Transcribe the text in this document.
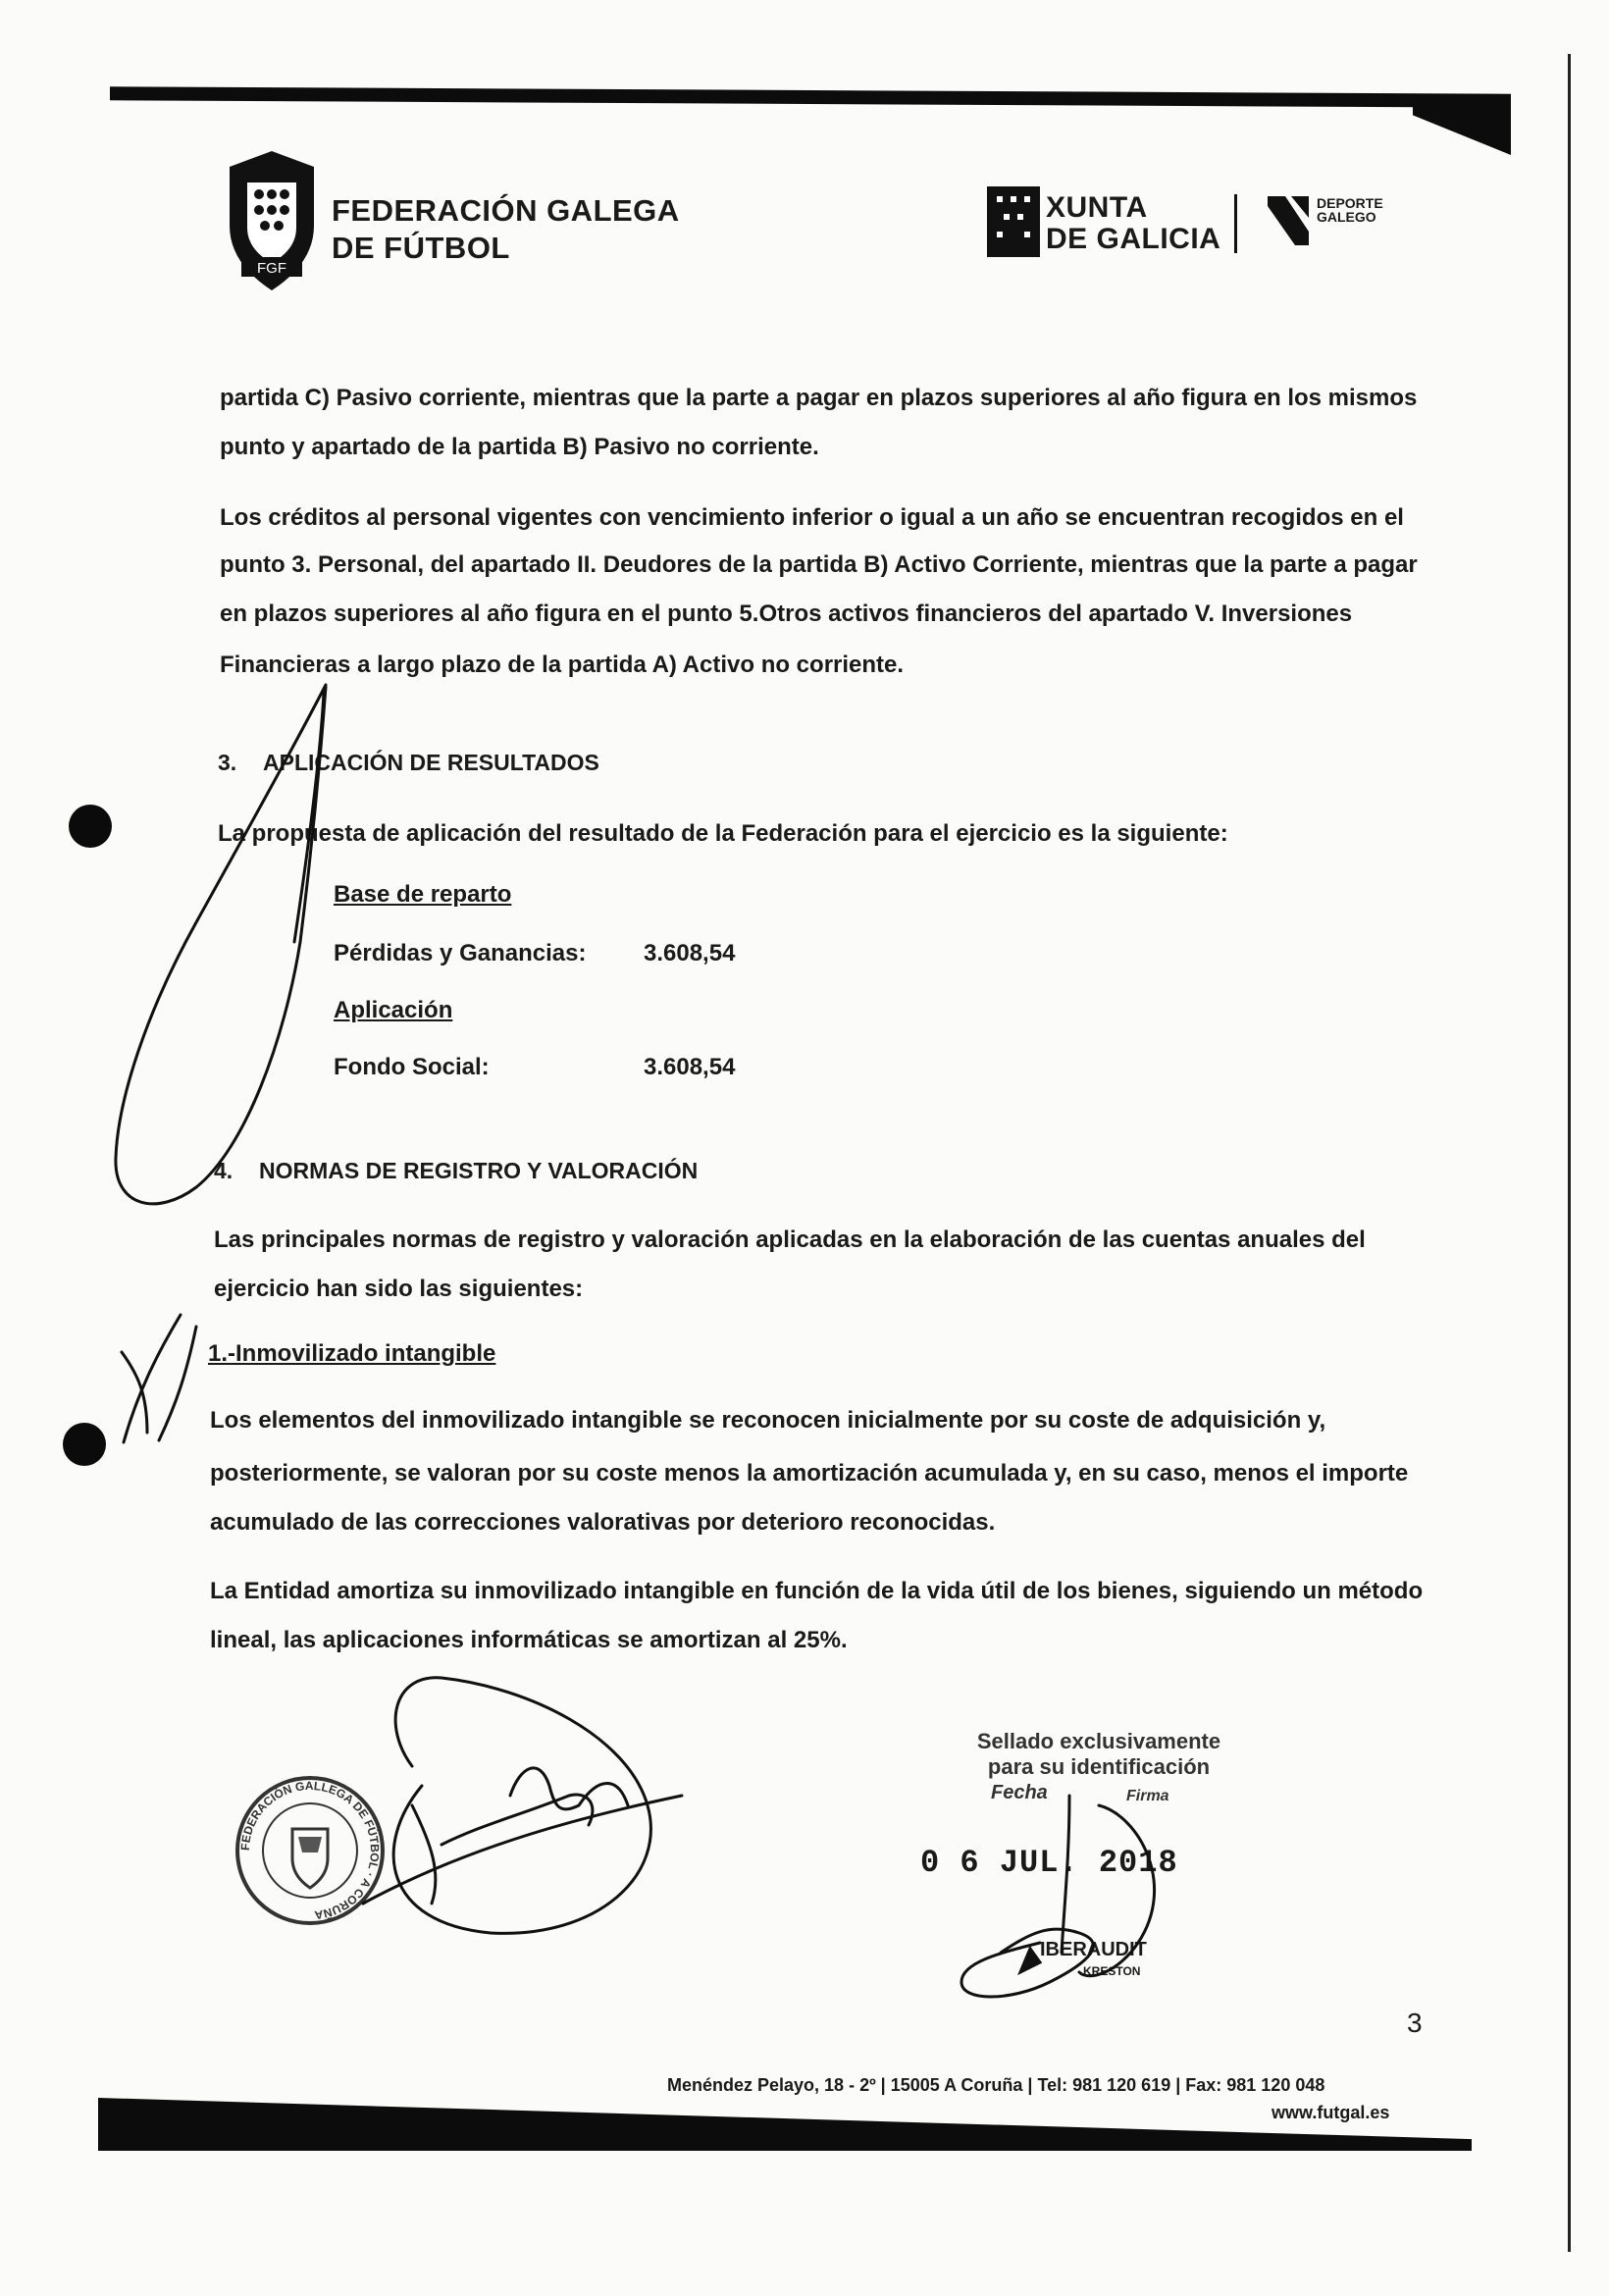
FGF
FEDERACIÓN GALEGA
DE FÚTBOL
XUNTA
DE GALICIA
DEPORTE
GALEGO
partida C) Pasivo corriente, mientras que la parte a pagar en plazos superiores al año figura en los mismos
punto y apartado de la partida B) Pasivo no corriente.
Los créditos al personal vigentes con vencimiento inferior o igual a un año se encuentran recogidos en el
punto 3. Personal, del apartado II. Deudores de la partida B) Activo Corriente, mientras que la parte a pagar
en plazos superiores al año figura en el punto 5.Otros activos financieros del apartado V. Inversiones
Financieras a largo plazo de la partida A) Activo no corriente.
3. APLICACIÓN DE RESULTADOS
La propuesta de aplicación del resultado de la Federación para el ejercicio es la siguiente:
Base de reparto
Pérdidas y Ganancias: 3.608,54
Aplicación
Fondo Social:	3.608,54
4. NORMAS DE REGISTRO Y VALORACIÓN
Las principales normas de registro y valoración aplicadas en la elaboración de las cuentas anuales del
ejercicio han sido las siguientes:
1.-Inmovilizado intangible
Los elementos del inmovilizado intangible se reconocen inicialmente por su coste de adquisición y,
posteriormente, se valoran por su coste menos la amortización acumulada y, en su caso, menos el importe
acumulado de las correcciones valorativas por deterioro reconocidas.
La Entidad amortiza su inmovilizado intangible en función de la vida útil de los bienes, siguiendo un método
lineal, las aplicaciones informáticas se amortizan al 25%.
FEDERACIÓN GALLEGA DE FÚTBOL · A CORUÑA
Sellado exclusivamente
para su identificación
Fecha	Firma
0 6 JUL. 2018
IBERAUDIT
KRESTON
3
Menéndez Pelayo, 18 - 2º | 15005 A Coruña | Tel: 981 120 619 | Fax: 981 120 048
www.futgal.es
